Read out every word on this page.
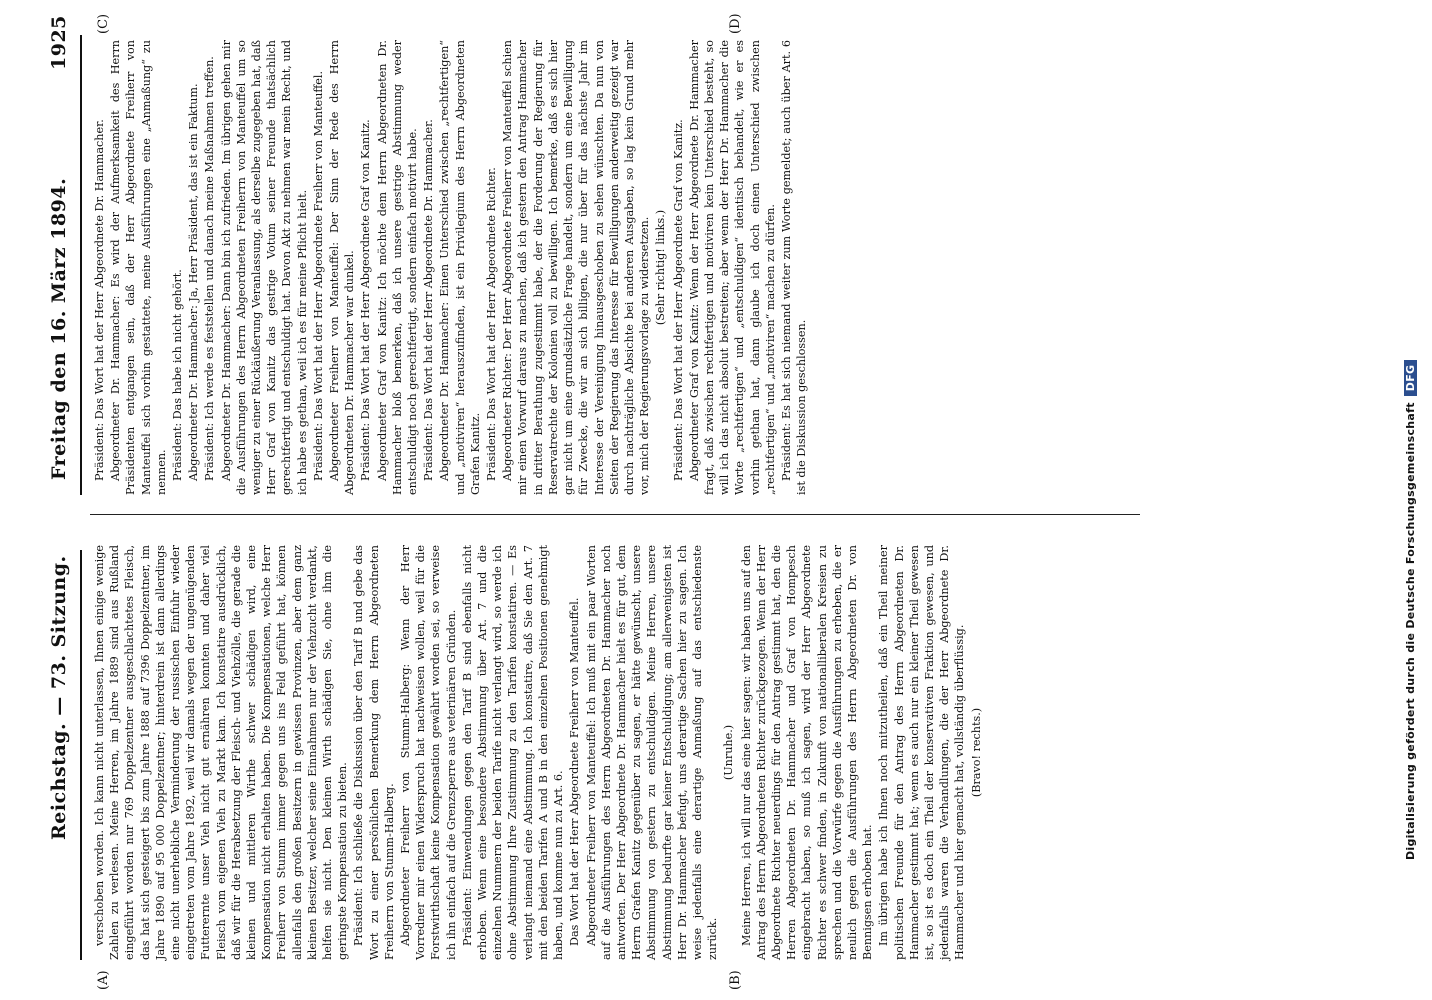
Reichstag. — 73. Sitzung.
Freitag den 16. März 1894.
1925
(A)	(B)
(C)	(D)

verschoben worden. Ich kann nicht unterlassen, Ihnen einige wenige Zahlen zu verlesen. Meine Herren, im Jahre 1889 sind aus Rußland eingeführt worden nur 769 Doppelzentner ausgeschlachtetes Fleisch, das hat sich gesteigert bis zum Jahre 1888 auf 7396 Doppelzentner, im Jahre 1890 auf 95 000 Doppelzentner; hinterdrein ist dann allerdings eine nicht unerhebliche Verminderung der russischen Einfuhr wieder eingetreten vom Jahre 1892, weil wir damals wegen der ungenügenden Futterernte unser Vieh nicht gut ernähren konnten und daher viel Fleisch vom eigenen Vieh zu Markt kam. Ich konstatire ausdrücklich, daß wir für die Herabsetzung der Fleisch- und Viehzölle, die gerade die kleinen und mittleren Wirthe schwer schädigen wird, eine Kompensation nicht erhalten haben. Die Kompensationen, welche Herr Freiherr von Stumm immer gegen uns ins Feld geführt hat, können allenfalls den großen Besitzern in gewissen Provinzen, aber dem ganz kleinen Besitzer, welcher seine Einnahmen nur der Viehzucht verdankt, helfen sie nicht. Den kleinen Wirth schädigen Sie, ohne ihm die geringste Kompensation zu bieten. Präsident: Ich schließe die Diskussion über den Tarif B und gebe das Wort zu einer persönlichen Bemerkung dem Herrn Abgeordneten Freiherrn von Stumm-Halberg. Abgeordneter Freiherr von Stumm-Halberg: Wenn der Herr Vorredner mir einen Widerspruch hat nachweisen wollen, weil für die Forstwirthschaft keine Kompensation gewährt worden sei, so verweise ich ihn einfach auf die Grenzsperre aus veterinären Gründen. Präsident: Einwendungen gegen den Tarif B sind ebenfalls nicht erhoben. Wenn eine besondere Abstimmung über Art. 7 und die einzelnen Nummern der beiden Tarife nicht verlangt wird, so werde ich ohne Abstimmung Ihre Zustimmung zu den Tarifen konstatiren. — Es verlangt niemand eine Abstimmung. Ich konstatire, daß Sie den Art. 7 mit den beiden Tarifen A und B in den einzelnen Positionen genehmigt haben, und komme nun zu Art. 6. Das Wort hat der Herr Abgeordnete Freiherr von Manteuffel. Abgeordneter Freiherr von Manteuffel: Ich muß mit ein paar Worten auf die Ausführungen des Herrn Abgeordneten Dr. Hammacher noch antworten. Der Herr Abgeordnete Dr. Hammacher hielt es für gut, dem Herrn Grafen Kanitz gegenüber zu sagen, er hätte gewünscht, unsere Abstimmung von gestern zu entschuldigen. Meine Herren, unsere Abstimmung bedurfte gar keiner Entschuldigung; am allerwenigsten ist Herr Dr. Hammacher befugt, uns derartige Sachen hier zu sagen. Ich weise jedenfalls eine derartige Anmaßung auf das entschiedenste zurück.

(Unruhe.) Meine Herren, ich will nur das eine hier sagen: wir haben uns auf den Antrag des Herrn Abgeordneten Richter zurückgezogen. Wenn der Herr Abgeordnete Richter neuerdings für den Antrag gestimmt hat, den die Herren Abgeordneten Dr. Hammacher und Graf von Hompesch eingebracht haben, so muß ich sagen, wird der Herr Abgeordnete Richter es schwer finden, in Zukunft von nationalliberalen Kreisen zu sprechen und die Vorwürfe gegen die Ausführungen zu erheben, die er neulich gegen die Ausführungen des Herrn Abgeordneten Dr. von Bennigsen erhoben hat. Im übrigen habe ich Ihnen noch mitzutheilen, daß ein Theil meiner politischen Freunde für den Antrag des Herrn Abgeordneten Dr. Hammacher gestimmt hat; wenn es auch nur ein kleiner Theil gewesen ist, so ist es doch ein Theil der konservativen Fraktion gewesen, und jedenfalls waren die Verhandlungen, die der Herr Abgeordnete Dr. Hammacher und hier gemacht hat, vollständig überflüssig. (Bravo! rechts.)

Präsident: Das Wort hat der Herr Abgeordnete Dr. Hammacher. Abgeordneter Dr. Hammacher: Es wird der Aufmerksamkeit des Herrn Präsidenten entgangen sein, daß der Herr Abgeordnete Freiherr von Manteuffel sich vorhin gestattete, meine Ausführungen eine „Anmaßung“ zu nennen. Präsident: Das habe ich nicht gehört. Abgeordneter Dr. Hammacher: Ja, Herr Präsident, das ist ein Faktum. Präsident: Ich werde es feststellen und danach meine Maßnahmen treffen. Abgeordneter Dr. Hammacher: Dann bin ich zufrieden. Im übrigen gehen mir die Ausführungen des Herrn Abgeordneten Freiherrn von Manteuffel um so weniger zu einer Rückäußerung Veranlassung, als derselbe zugegeben hat, daß Herr Graf von Kanitz das gestrige Votum seiner Freunde thatsächlich gerechtfertigt und entschuldigt hat. Davon Akt zu nehmen war mein Recht, und ich habe es gethan, weil ich es für meine Pflicht hielt. Präsident: Das Wort hat der Herr Abgeordnete Freiherr von Manteuffel. Abgeordneter Freiherr von Manteuffel: Der Sinn der Rede des Herrn Abgeordneten Dr. Hammacher war dunkel. Präsident: Das Wort hat der Herr Abgeordnete Graf von Kanitz. Abgeordneter Graf von Kanitz: Ich möchte dem Herrn Abgeordneten Dr. Hammacher bloß bemerken, daß ich unsere gestrige Abstimmung weder entschuldigt noch gerechtfertigt, sondern einfach motivirt habe. Präsident: Das Wort hat der Herr Abgeordnete Dr. Hammacher. Abgeordneter Dr. Hammacher: Einen Unterschied zwischen „rechtfertigen“ und „motiviren“ herauszufinden, ist ein Privilegium des Herrn Abgeordneten Grafen Kanitz. Präsident: Das Wort hat der Herr Abgeordnete Richter. Abgeordneter Richter: Der Herr Abgeordnete Freiherr von Manteuffel schien mir einen Vorwurf daraus zu machen, daß ich gestern den Antrag Hammacher in dritter Berathung zugestimmt habe, der die Forderung der Regierung für Reservatrechte der Kolonien voll zu bewilligen. Ich bemerke, daß es sich hier gar nicht um eine grundsätzliche Frage handelt, sondern um eine Bewilligung für Zwecke, die wir an sich billigen, die nur über für das nächste Jahr im Interesse der Vereinigung hinausgeschoben zu sehen wünschten. Da nun von Seiten der Regierung das Interesse für Bewilligungen anderweitig gezeigt war durch nachträgliche Absichte bei anderen Ausgaben, so lag kein Grund mehr vor, mich der Regierungsvorlage zu widersetzen. (Sehr richtig! links.) Präsident: Das Wort hat der Herr Abgeordnete Graf von Kanitz. Abgeordneter Graf von Kanitz: Wenn der Herr Abgeordnete Dr. Hammacher fragt, daß zwischen rechtfertigen und motiviren kein Unterschied besteht, so will ich das nicht absolut bestreiten; aber wenn der Herr Dr. Hammacher die Worte „rechtfertigen“ und „entschuldigen“ identisch behandelt, wie er es vorhin gethan hat, dann glaube ich doch einen Unterschied zwischen „rechtfertigen“ und „motiviren“ machen zu dürfen. Präsident: Es hat sich niemand weiter zum Worte gemeldet; auch über Art. 6 ist die Diskussion geschlossen.	Digitalisierung gefördert durch die Deutsche ForschungsgemeinschaftDFG
